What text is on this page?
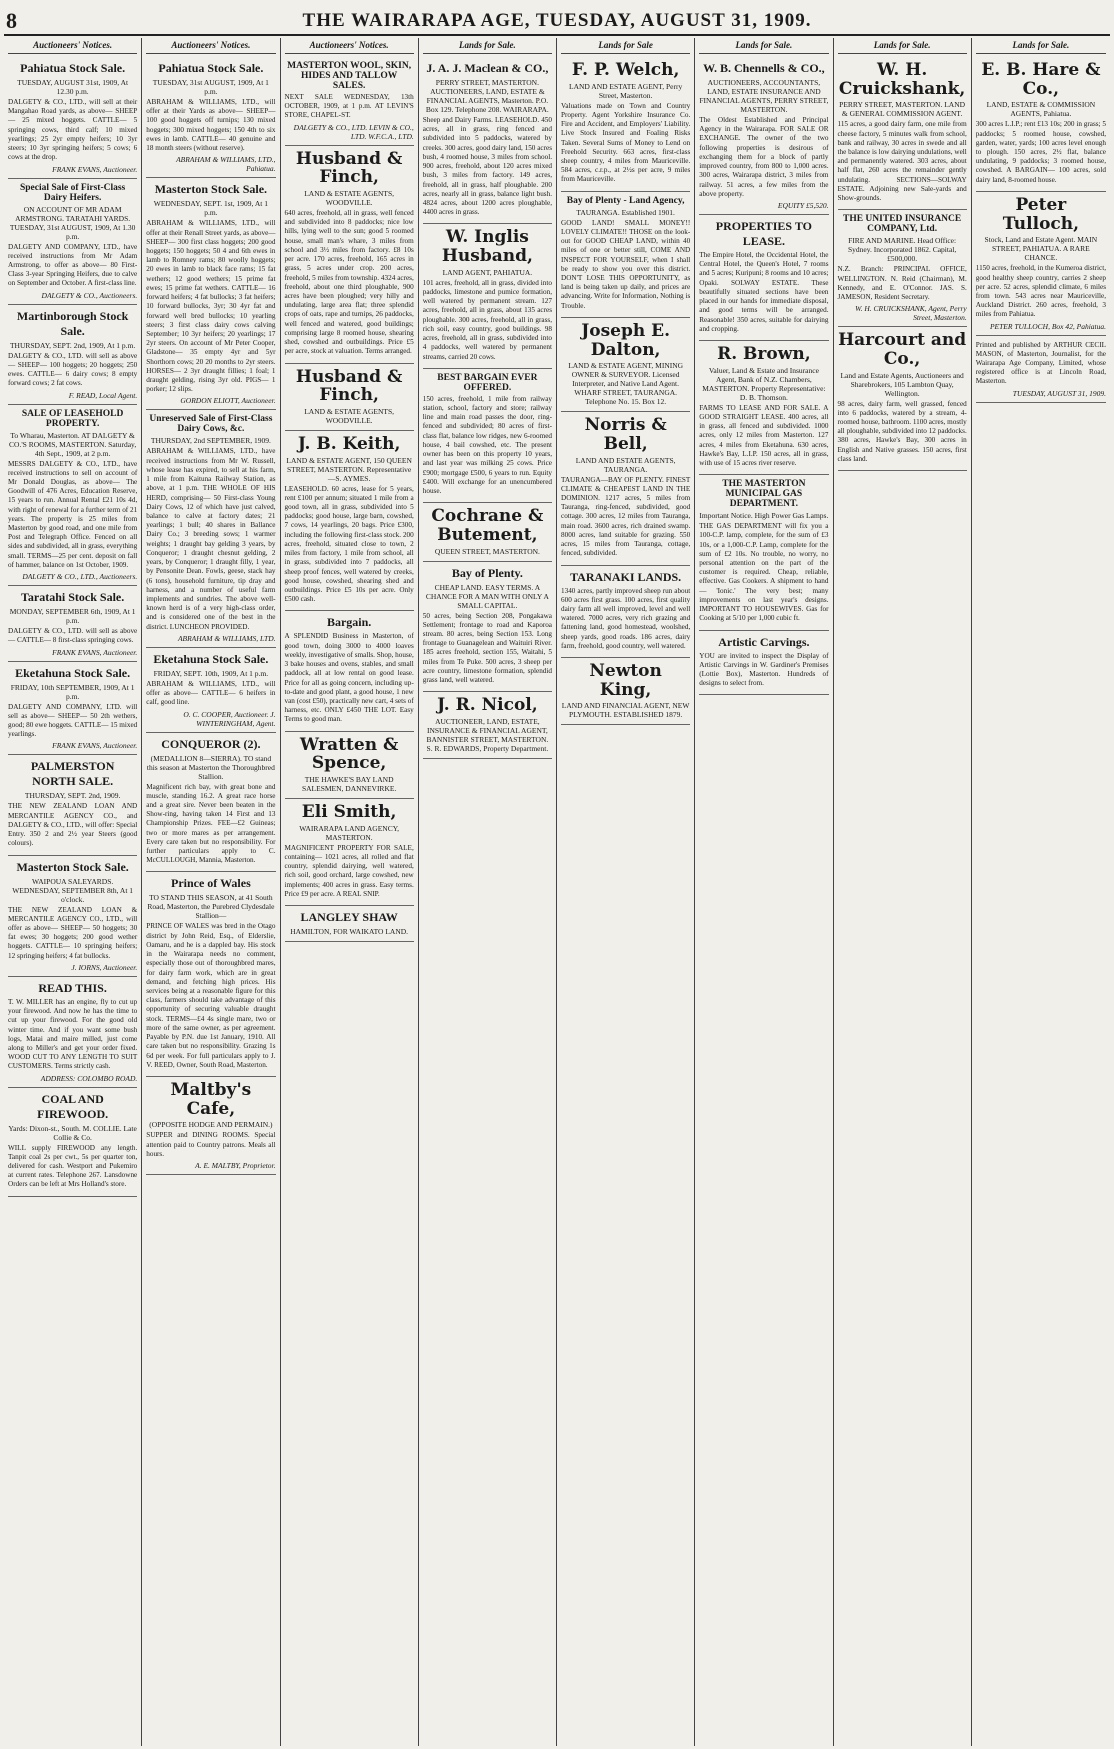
8	THE WAIRARAPA AGE, TUESDAY, AUGUST 31, 1909.
Auctioneers' Notices.
Pahiatua Stock Sale.
TUESDAY, AUGUST 31st, 1909, At 12.30 p.m.
DALGETY & CO., LTD., will sell at their Mangahao Road yards, as above— SHEEP— 25 mixed hoggets. CATTLE— 5 springing cows, third calf; 10 mixed yearlings; 25 2yr empty heifers; 10 3yr steers; 10 3yr springing heifers; 5 cows; 6 cows at the drop.
FRANK EVANS, Auctioneer.
Special Sale of First-Class Dairy Heifers.
ON ACCOUNT OF MR ADAM ARMSTRONG. TARATAHI YARDS. TUESDAY, 31st AUGUST, 1909, At 1.30 p.m.
DALGETY AND COMPANY, LTD., have received instructions from Mr Adam Armstrong, to offer as above— 80 First-Class 3-year Springing Heifers, due to calve on September and October. A first-class line.
DALGETY & CO., Auctioneers.
Martinborough Stock Sale.
THURSDAY, SEPT. 2nd, 1909, At 1 p.m.
DALGETY & CO., LTD. will sell as above— SHEEP— 100 hoggets; 20 hoggets; 250 ewes. CATTLE— 6 dairy cows; 8 empty forward cows; 2 fat cows.
F. READ, Local Agent.
SALE OF LEASEHOLD PROPERTY.
To Wharau, Masterton. AT DALGETY & CO.'S ROOMS, MASTERTON. Saturday, 4th Sept., 1909, at 2 p.m.
MESSRS DALGETY & CO., LTD., have received instructions to sell on account of Mr Donald Douglas, as above— The Goodwill of 476 Acres, Education Reserve, 15 years to run. Annual Rental £21 10s 4d, with right of renewal for a further term of 21 years. The property is 25 miles from Masterton by good road, and one mile from Post and Telegraph Office. Fenced on all sides and subdivided, all in grass, everything small. TERMS—25 per cent. deposit on fall of hammer, balance on 1st October, 1909.
DALGETY & CO., LTD., Auctioneers.
Taratahi Stock Sale.
MONDAY, SEPTEMBER 6th, 1909, At 1 p.m.
DALGETY & CO., LTD. will sell as above— CATTLE— 8 first-class springing cows.
FRANK EVANS, Auctioneer.
Eketahuna Stock Sale.
FRIDAY, 10th SEPTEMBER, 1909, At 1 p.m.
DALGETY AND COMPANY, LTD. will sell as above— SHEEP— 50 2th wethers, good; 80 ewe hoggets. CATTLE— 15 mixed yearlings.
FRANK EVANS, Auctioneer.
PALMERSTON NORTH SALE.
THURSDAY, SEPT. 2nd, 1909.
THE NEW ZEALAND LOAN AND MERCANTILE AGENCY CO., and DALGETY & CO., LTD., will offer: Special Entry. 350 2 and 2½ year Steers (good colours).
Masterton Stock Sale.
WAIPOUA SALEYARDS. WEDNESDAY, SEPTEMBER 8th, At 1 o'clock.
THE NEW ZEALAND LOAN & MERCANTILE AGENCY CO., LTD., will offer as above— SHEEP— 50 hoggets; 30 fat ewes; 30 hoggets; 200 good wether hoggets. CATTLE— 10 springing heifers; 12 springing heifers; 4 fat bullocks.
J. IORNS, Auctioneer.
READ THIS.
T. W. MILLER has an engine, fly to cut up your firewood. And now he has the time to cut up your firewood. For the good old winter time. And if you want some bush logs, Matai and maire milled, just come along to Miller's and get your order fixed. WOOD CUT TO ANY LENGTH TO SUIT CUSTOMERS. Terms strictly cash.
ADDRESS: COLOMBO ROAD.
COAL AND FIREWOOD.
Yards: Dixon-st., South. M. COLLIE. Late Collie & Co.
WILL supply FIREWOOD any length. Tanpit coal 2s per cwt., 5s per quarter ton, delivered for cash. Westport and Pukemiro at current rates. Telephone 267. Lansdowne Orders can be left at Mrs Holland's store.
Auctioneers' Notices.
Pahiatua Stock Sale.
TUESDAY, 31st AUGUST, 1909, At 1 p.m.
ABRAHAM & WILLIAMS, LTD., will offer at their Yards as above— SHEEP— 100 good hoggets off turnips; 130 mixed hoggets; 300 mixed hoggets; 150 4th to six ewes in lamb. CATTLE— 40 genuine and 18 month steers (without reserve).
ABRAHAM & WILLIAMS, LTD., Pahiatua.
Masterton Stock Sale.
WEDNESDAY, SEPT. 1st, 1909, At 1 p.m.
ABRAHAM & WILLIAMS, LTD., will offer at their Renall Street yards, as above— SHEEP— 300 first class hoggets; 200 good hoggets; 150 hoggets; 50 4 and 6th ewes in lamb to Romney rams; 80 woolly hoggets; 20 ewes in lamb to black face rams; 15 fat wethers; 12 good wethers; 15 prime fat ewes; 15 prime fat wethers. CATTLE— 16 forward heifers; 4 fat bullocks; 3 fat heifers; 10 forward bullocks, 3yr; 30 4yr fat and forward well bred bullocks; 10 yearling steers; 3 first class dairy cows calving September; 10 3yr heifers; 20 yearlings; 17 2yr steers. On account of Mr Peter Cooper, Gladstone— 35 empty 4yr and 5yr Shorthorn cows; 20 20 months to 2yr steers. HORSES— 2 3yr draught fillies; 1 foal; 1 draught gelding, rising 3yr old. PIGS— 1 porker; 12 slips.
GORDON ELIOTT, Auctioneer.
Unreserved Sale of First-Class Dairy Cows, &c.
THURSDAY, 2nd SEPTEMBER, 1909.
ABRAHAM & WILLIAMS, LTD., have received instructions from Mr W. Russell, whose lease has expired, to sell at his farm, 1 mile from Kaituna Railway Station, as above, at 1 p.m. THE WHOLE OF HIS HERD, comprising— 50 First-class Young Dairy Cows, 12 of which have just calved, balance to calve at factory dates; 21 yearlings; 1 bull; 40 shares in Ballance Dairy Co.; 3 breeding sows; 1 warmer weights; 1 draught bay gelding 3 years, by Conqueror; 1 draught chesnut gelding, 2 years, by Conqueror; 1 draught filly, 1 year, by Pensonite Dean. Fowls, geese, stack hay (6 tons), household furniture, tip dray and harness, and a number of useful farm implements and sundries. The above well-known herd is of a very high-class order, and is considered one of the best in the district. LUNCHEON PROVIDED.
ABRAHAM & WILLIAMS, LTD.
Eketahuna Stock Sale.
FRIDAY, SEPT. 10th, 1909, At 1 p.m.
ABRAHAM & WILLIAMS, LTD., will offer as above— CATTLE— 6 heifers in calf, good line.
O. C. COOPER, Auctioneer. J. WINTERINGHAM, Agent.
CONQUEROR (2).
(MEDALLION 8—SIERRA). TO stand this season at Masterton the Thoroughbred Stallion.
Magnificent rich bay, with great bone and muscle, standing 16.2. A great race horse and a great sire. Never been beaten in the Show-ring, having taken 14 First and 13 Championship Prizes. FEE—£2 Guineas; two or more mares as per arrangement. Every care taken but no responsibility. For further particulars apply to C. McCULLOUGH, Mannia, Masterton.
Prince of Wales
TO STAND THIS SEASON, at 41 South Road, Masterton, the Purebred Clydesdale Stallion—
PRINCE OF WALES was bred in the Otago district by John Reid, Esq., of Elderslie, Oamaru, and he is a dappled bay. His stock in the Wairarapa needs no comment, especially those out of thoroughbred mares, for dairy farm work, which are in great demand, and fetching high prices. His services being at a reasonable figure for this class, farmers should take advantage of this opportunity of securing valuable draught stock. TERMS—£4 4s single mare, two or more of the same owner, as per agreement. Payable by P.N. due 1st January, 1910. All care taken but no responsibility. Grazing 1s 6d per week. For full particulars apply to J. V. REED, Owner, South Road, Masterton.
Maltby's Cafe,
(OPPOSITE HODGE AND PERMAIN.)
SUPPER and DINING ROOMS. Special attention paid to Country patrons. Meals all hours.
A. E. MALTBY, Proprietor.
Auctioneers' Notices.
MASTERTON WOOL, SKIN, HIDES AND TALLOW SALES.
NEXT SALE WEDNESDAY, 13th OCTOBER, 1909, at 1 p.m. AT LEVIN'S STORE, CHAPEL-ST.
DALGETY & CO., LTD. LEVIN & CO., LTD. W.F.C.A., LTD.
Husband & Finch,
LAND & ESTATE AGENTS, WOODVILLE.
640 acres, freehold, all in grass, well fenced and subdivided into 8 paddocks; nice low hills, lying well to the sun; good 5 roomed house, small man's whare, 3 miles from school and 3½ miles from factory. £8 10s per acre. 170 acres, freehold, 165 acres in grass, 5 acres under crop. 200 acres, freehold, 5 miles from township. 4324 acres, freehold, about one third ploughable, 900 acres have been ploughed; very hilly and undulating, large area flat; three splendid crops of oats, rape and turnips, 26 paddocks, well fenced and watered, good buildings; comprising large 8 roomed house, shearing shed, cowshed and outbuildings. Price £5 per acre, stock at valuation. Terms arranged.
Husband & Finch,
LAND & ESTATE AGENTS, WOODVILLE.
J. B. Keith,
LAND & ESTATE AGENT, 150 QUEEN STREET, MASTERTON. Representative—S. AYMES.
LEASEHOLD. 60 acres, lease for 5 years, rent £100 per annum; situated 1 mile from a good town, all in grass, subdivided into 5 paddocks; good house, large barn, cowshed, 7 cows, 14 yearlings, 20 bags. Price £300, including the following first-class stock. 200 acres, freehold, situated close to town, 2 miles from factory, 1 mile from school, all in grass, subdivided into 7 paddocks, all sheep proof fences, well watered by creeks, good house, cowshed, shearing shed and outbuildings. Price £5 10s per acre. Only £500 cash.
Bargain.
A SPLENDID Business in Masterton, of good town, doing 3000 to 4000 loaves weekly, investigative of smalls. Shop, house, 3 bake houses and ovens, stables, and small paddock, all at low rental on good lease. Price for all as going concern, including up-to-date and good plant, a good house, 1 new van (cost £50), practically new cart, 4 sets of harness, etc. ONLY £450 THE LOT. Easy Terms to good man.
Wratten & Spence,
THE HAWKE'S BAY LAND SALESMEN, DANNEVIRKE.
Eli Smith,
WAIRARAPA LAND AGENCY, MASTERTON.
MAGNIFICENT PROPERTY FOR SALE, containing— 1021 acres, all rolled and flat country, splendid dairying, well watered, rich soil, good orchard, large cowshed, new implements; 400 acres in grass. Easy terms. Price £9 per acre. A REAL SNIP.
LANGLEY SHAW
HAMILTON, FOR WAIKATO LAND.
Lands for Sale.
J. A. J. Maclean & CO.,
PERRY STREET, MASTERTON. AUCTIONEERS, LAND, ESTATE & FINANCIAL AGENTS, Masterton. P.O. Box 129. Telephone 208. WAIRARAPA.
Sheep and Dairy Farms. LEASEHOLD. 450 acres, all in grass, ring fenced and subdivided into 5 paddocks, watered by creeks. 300 acres, good dairy land, 150 acres bush, 4 roomed house, 3 miles from school. 900 acres, freehold, about 120 acres mixed bush, 3 miles from factory. 149 acres, freehold, all in grass, half ploughable. 200 acres, nearly all in grass, balance light bush. 4824 acres, about 1200 acres ploughable, 4400 acres in grass.
W. Inglis Husband,
LAND AGENT, PAHIATUA.
101 acres, freehold, all in grass, divided into paddocks, limestone and pumice formation, well watered by permanent stream. 127 acres, freehold, all in grass, about 135 acres ploughable. 300 acres, freehold, all in grass, rich soil, easy country, good buildings. 98 acres, freehold, all in grass, subdivided into 4 paddocks, well watered by permanent streams, carried 20 cows.
BEST BARGAIN EVER OFFERED.
150 acres, freehold, 1 mile from railway station, school, factory and store; railway line and main road passes the door, ring-fenced and subdivided; 80 acres of first-class flat, balance low ridges, new 6-roomed house, 4 bail cowshed, etc. The present owner has been on this property 10 years, and last year was milking 25 cows. Price £900; mortgage £500, 6 years to run. Equity £400. Will exchange for an unencumbered house.
Cochrane & Butement,
QUEEN STREET, MASTERTON.
Bay of Plenty.
CHEAP LAND. EASY TERMS. A CHANCE FOR A MAN WITH ONLY A SMALL CAPITAL.
50 acres, being Section 208, Pongakawa Settlement; frontage to road and Kaporoa stream. 80 acres, being Section 153. Long frontage to Guanagelean and Waituiri River. 185 acres freehold, section 155, Waitahi, 5 miles from Te Puke. 500 acres, 3 sheep per acre country, limestone formation, splendid grass land, well watered.
J. R. Nicol,
AUCTIONEER, LAND, ESTATE, INSURANCE & FINANCIAL AGENT, BANNISTER STREET, MASTERTON. S. R. EDWARDS, Property Department.
Lands for Sale
F. P. Welch,
LAND AND ESTATE AGENT, Perry Street, Masterton.
Valuations made on Town and Country Property. Agent Yorkshire Insurance Co. Fire and Accident, and Employers' Liability. Live Stock Insured and Foaling Risks Taken. Several Sums of Money to Lend on Freehold Security. 663 acres, first-class sheep country, 4 miles from Mauriceville. 584 acres, c.r.p., at 2½s per acre, 9 miles from Mauriceville.
Bay of Plenty - Land Agency,
TAURANGA. Established 1901.
GOOD LAND! SMALL MONEY!! LOVELY CLIMATE!! THOSE on the look-out for GOOD CHEAP LAND, within 40 miles of one or better still, COME AND INSPECT FOR YOURSELF, when I shall be ready to show you over this district. DON'T LOSE THIS OPPORTUNITY, as land is being taken up daily, and prices are advancing. Write for Information, Nothing is Trouble.
Joseph E. Dalton,
LAND & ESTATE AGENT, MINING OWNER & SURVEYOR. Licensed Interpreter, and Native Land Agent. WHARF STREET, TAURANGA. Telephone No. 15. Box 12.
Norris & Bell,
LAND AND ESTATE AGENTS, TAURANGA.
TAURANGA—BAY OF PLENTY. FINEST CLIMATE & CHEAPEST LAND IN THE DOMINION. 1217 acres, 5 miles from Tauranga, ring-fenced, subdivided, good cottage. 300 acres, 12 miles from Tauranga, main road. 3600 acres, rich drained swamp. 8000 acres, land suitable for grazing. 550 acres, 15 miles from Tauranga, cottage, fenced, subdivided.
TARANAKI LANDS.
1340 acres, partly improved sheep run about 600 acres first grass. 100 acres, first quality dairy farm all well improved, level and well watered. 7000 acres, very rich grazing and fattening land, good homestead, woolshed, sheep yards, good roads. 186 acres, dairy farm, freehold, good country, well watered.
Newton King,
LAND AND FINANCIAL AGENT, NEW PLYMOUTH. ESTABLISHED 1879.
Lands for Sale.
W. B. Chennells & CO.,
AUCTIONEERS, ACCOUNTANTS, LAND, ESTATE INSURANCE AND FINANCIAL AGENTS, PERRY STREET, MASTERTON.
The Oldest Established and Principal Agency in the Wairarapa. FOR SALE OR EXCHANGE. The owner of the two following properties is desirous of exchanging them for a block of partly improved country, from 800 to 1,000 acres. 300 acres, Wairarapa district, 3 miles from railway. 51 acres, a few miles from the above property.
EQUITY £5,520.
PROPERTIES TO LEASE.
The Empire Hotel, the Occidental Hotel, the Central Hotel, the Queen's Hotel, 7 rooms and 5 acres; Kuripuni; 8 rooms and 10 acres; Opaki. SOLWAY ESTATE. These beautifully situated sections have been placed in our hands for immediate disposal, and good terms will be arranged. Reasonable! 350 acres, suitable for dairying and cropping.
R. Brown,
Valuer, Land & Estate and Insurance Agent, Bank of N.Z. Chambers, MASTERTON. Property Representative: D. B. Thomson.
FARMS TO LEASE AND FOR SALE. A GOOD STRAIGHT LEASE. 400 acres, all in grass, all fenced and subdivided. 1000 acres, only 12 miles from Masterton. 127 acres, 4 miles from Eketahuna. 630 acres, Hawke's Bay, L.I.P. 150 acres, all in grass, with use of 15 acres river reserve.
THE MASTERTON MUNICIPAL GAS DEPARTMENT.
Important Notice. High Power Gas Lamps.
THE GAS DEPARTMENT will fix you a 100-C.P. lamp, complete, for the sum of £3 10s, or a 1,000-C.P. Lamp, complete for the sum of £2 10s. No trouble, no worry, no personal attention on the part of the customer is required. Cheap, reliable, effective. Gas Cookers. A shipment to hand— 'Ionic.' The very best; many improvements on last year's designs. IMPORTANT TO HOUSEWIVES. Gas for Cooking at 5/10 per 1,000 cubic ft.
Artistic Carvings.
YOU are invited to inspect the Display of Artistic Carvings in W. Gardiner's Premises (Lottie Box), Masterton. Hundreds of designs to select from.
Lands for Sale.
W. H. Cruickshank,
PERRY STREET, MASTERTON. LAND & GENERAL COMMISSION AGENT.
115 acres, a good dairy farm, one mile from cheese factory, 5 minutes walk from school, bank and railway, 30 acres in swede and all the balance is low dairying undulations, well and permanently watered. 303 acres, about half flat, 260 acres the remainder gently undulating. SECTIONS—SOLWAY ESTATE. Adjoining new Sale-yards and Show-grounds.
THE UNITED INSURANCE COMPANY, Ltd.
FIRE AND MARINE. Head Office: Sydney. Incorporated 1862. Capital, £500,000.
N.Z. Branch: PRINCIPAL OFFICE, WELLINGTON. N. Reid (Chairman), M. Kennedy, and E. O'Connor. JAS. S. JAMESON, Resident Secretary.
W. H. CRUICKSHANK, Agent, Perry Street, Masterton.
Harcourt and Co.,
Land and Estate Agents, Auctioneers and Sharebrokers, 105 Lambton Quay, Wellington.
98 acres, dairy farm, well grassed, fenced into 6 paddocks, watered by a stream, 4-roomed house, bathroom. 1100 acres, mostly all ploughable, subdivided into 12 paddocks. 380 acres, Hawke's Bay, 300 acres in English and Native grasses. 150 acres, first class land.
Lands for Sale.
E. B. Hare & Co.,
LAND, ESTATE & COMMISSION AGENTS, Pahiatua.
300 acres L.I.P.; rent £13 10s; 200 in grass; 5 paddocks; 5 roomed house, cowshed, garden, water, yards; 100 acres level enough to plough. 150 acres, 2½ flat, balance undulating, 9 paddocks; 3 roomed house, cowshed. A BARGAIN— 100 acres, sold dairy land, 8-roomed house.
Peter Tulloch,
Stock, Land and Estate Agent. MAIN STREET, PAHIATUA. A RARE CHANCE.
1150 acres, freehold, in the Kumeroa district, good healthy sheep country, carries 2 sheep per acre. 52 acres, splendid climate, 6 miles from town. 543 acres near Mauriceville, Auckland District. 260 acres, freehold, 3 miles from Pahiatua.
PETER TULLOCH, Box 42, Pahiatua.
Printed and published by ARTHUR CECIL MASON, of Masterton, Journalist, for the Wairarapa Age Company, Limited, whose registered office is at Lincoln Road, Masterton.
TUESDAY, AUGUST 31, 1909.
